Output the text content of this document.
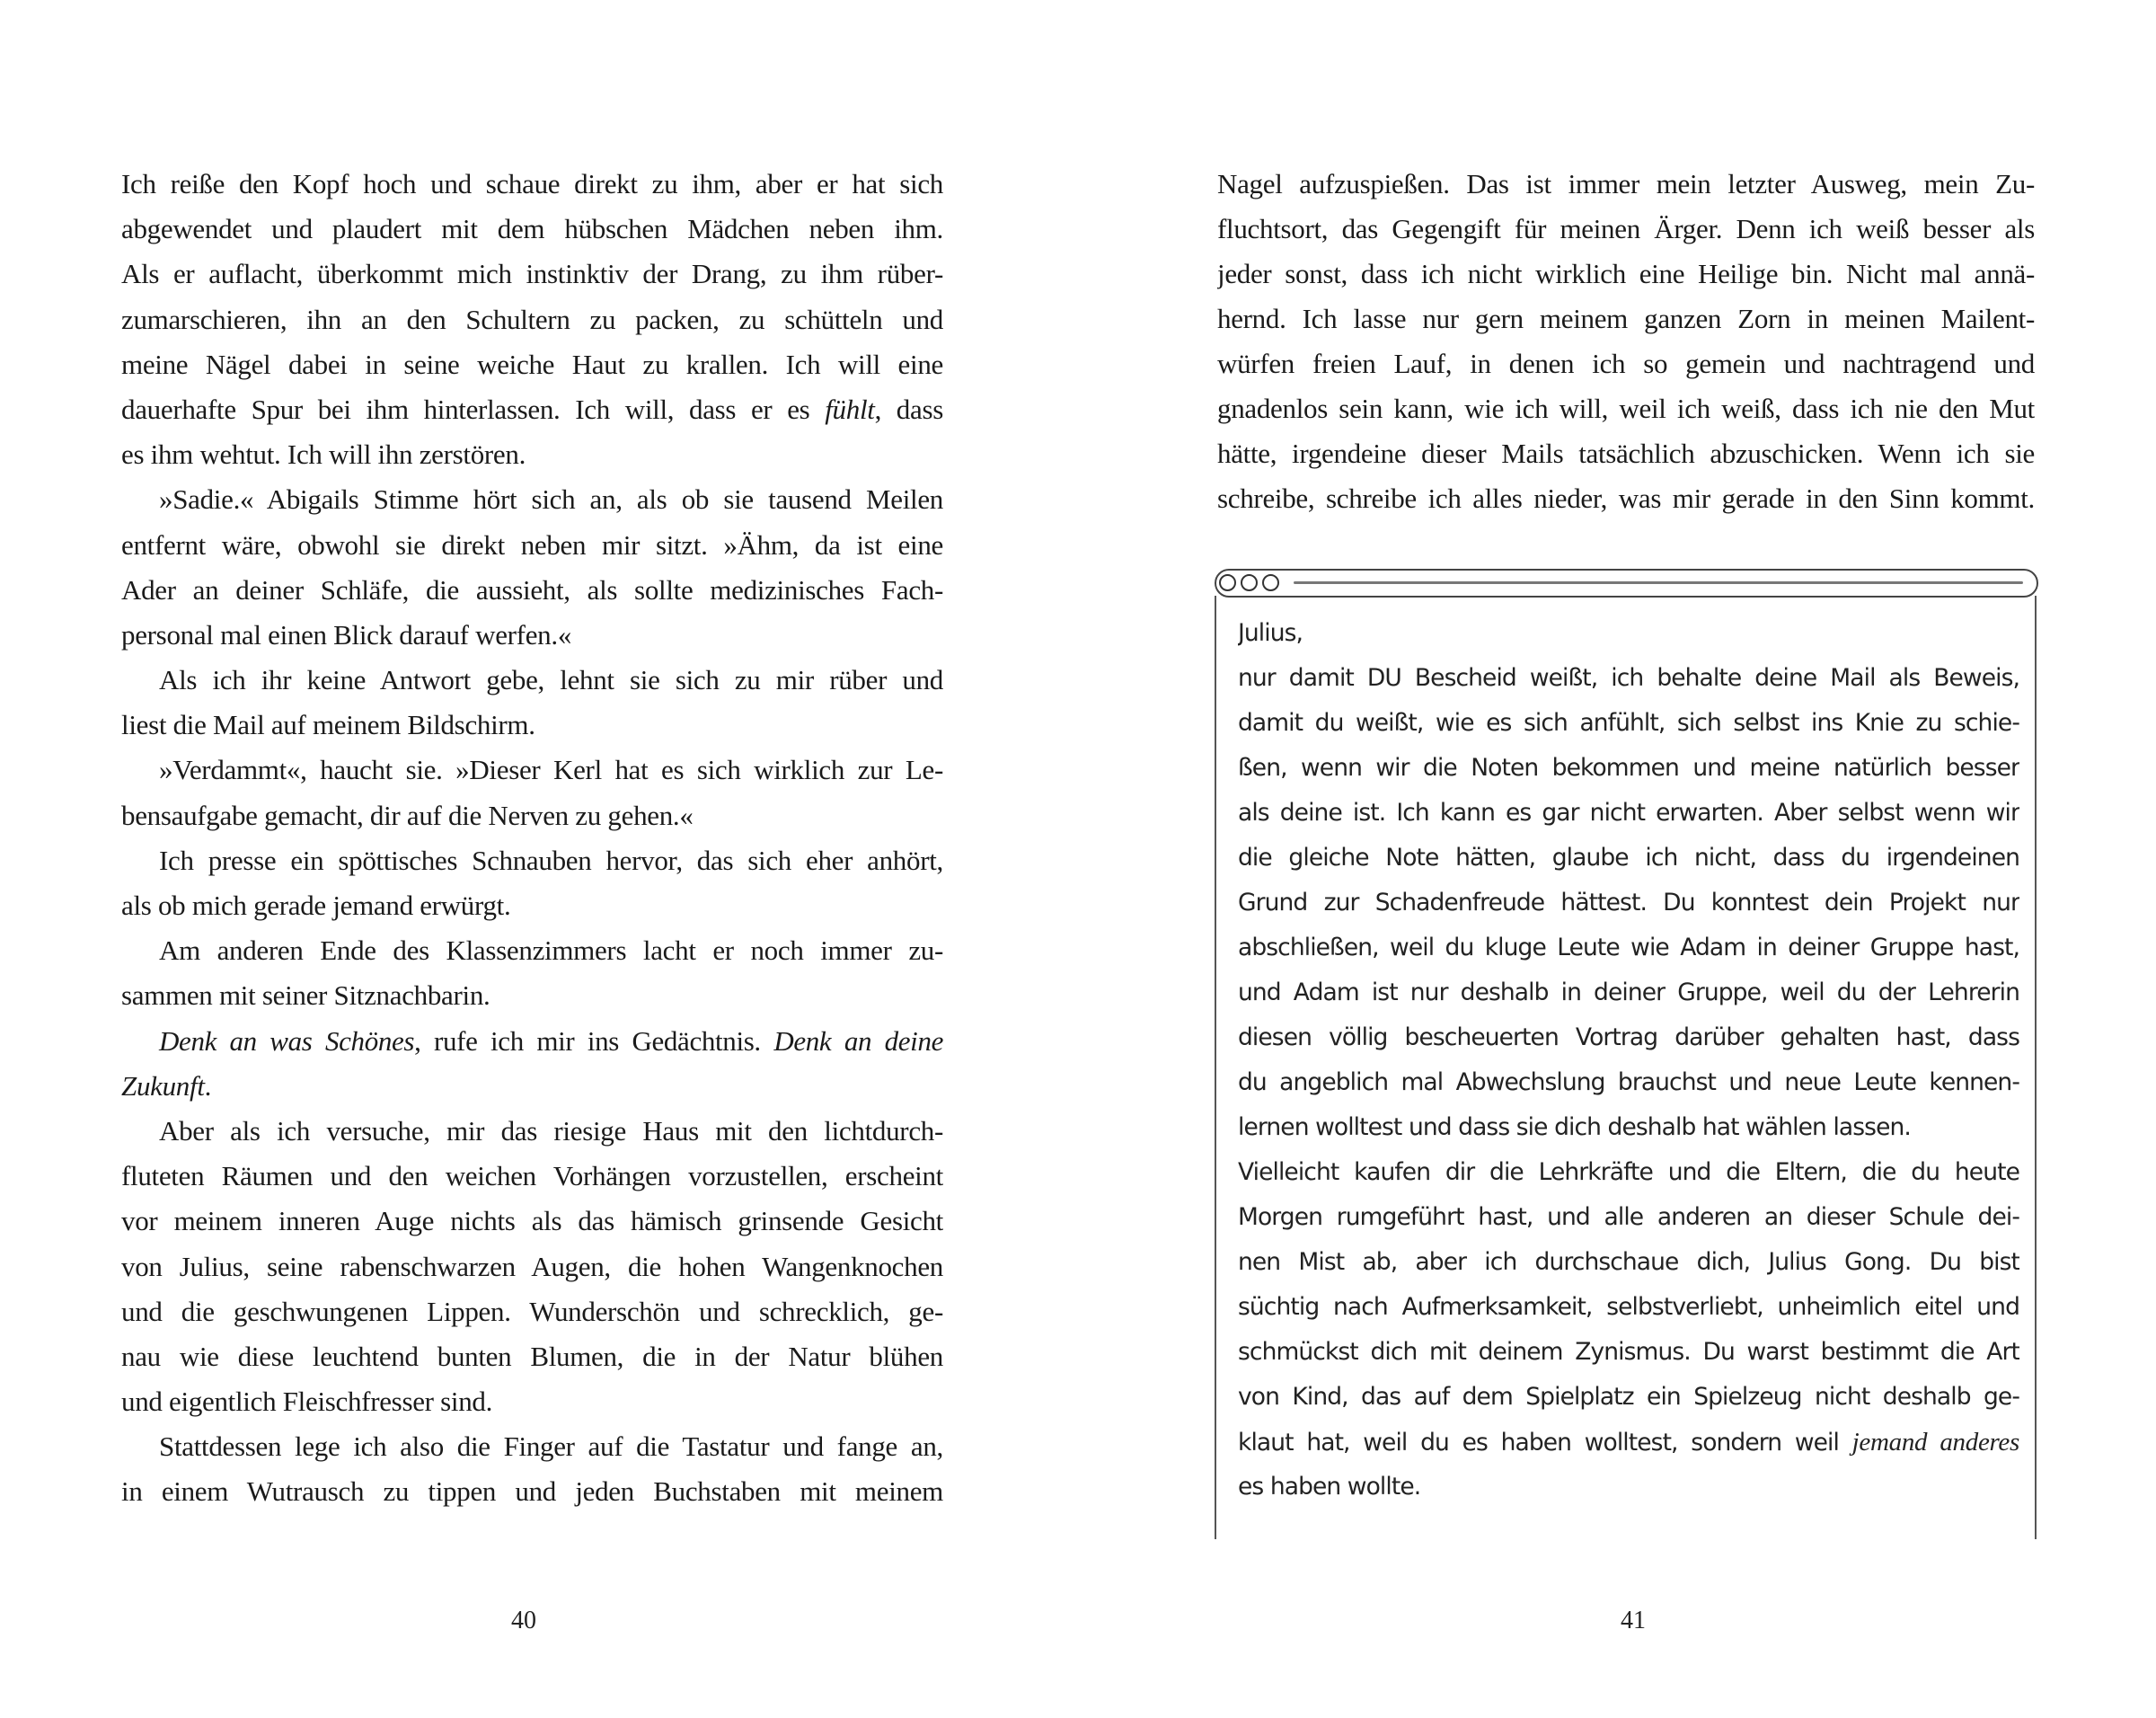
Ich reiße den Kopf hoch und schaue direkt zu ihm, aber er hat sich
abgewendet und plaudert mit dem hübschen Mädchen neben ihm.
Als er auflacht, überkommt mich instinktiv der Drang, zu ihm rüber-
zumarschieren, ihn an den Schultern zu packen, zu schütteln und
meine Nägel dabei in seine weiche Haut zu krallen. Ich will eine
dauerhafte Spur bei ihm hinterlassen. Ich will, dass er es fühlt, dass
es ihm wehtut. Ich will ihn zerstören.
»Sadie.« Abigails Stimme hört sich an, als ob sie tausend Meilen
entfernt wäre, obwohl sie direkt neben mir sitzt. »Ähm, da ist eine
Ader an deiner Schläfe, die aussieht, als sollte medizinisches Fach-
personal mal einen Blick darauf werfen.«
Als ich ihr keine Antwort gebe, lehnt sie sich zu mir rüber und
liest die Mail auf meinem Bildschirm.
»Verdammt«, haucht sie. »Dieser Kerl hat es sich wirklich zur Le-
bensaufgabe gemacht, dir auf die Nerven zu gehen.«
Ich presse ein spöttisches Schnauben hervor, das sich eher anhört,
als ob mich gerade jemand erwürgt.
Am anderen Ende des Klassenzimmers lacht er noch immer zu-
sammen mit seiner Sitznachbarin.
Denk an was Schönes, rufe ich mir ins Gedächtnis. Denk an deine
Zukunft.
Aber als ich versuche, mir das riesige Haus mit den lichtdurch-
fluteten Räumen und den weichen Vorhängen vorzustellen, erscheint
vor meinem inneren Auge nichts als das hämisch grinsende Gesicht
von Julius, seine rabenschwarzen Augen, die hohen Wangenknochen
und die geschwungenen Lippen. Wunderschön und schrecklich, ge-
nau wie diese leuchtend bunten Blumen, die in der Natur blühen
und eigentlich Fleischfresser sind.
Stattdessen lege ich also die Finger auf die Tastatur und fange an,
in einem Wutrausch zu tippen und jeden Buchstaben mit meinem
40
Nagel aufzuspießen. Das ist immer mein letzter Ausweg, mein Zu-
fluchtsort, das Gegengift für meinen Ärger. Denn ich weiß besser als
jeder sonst, dass ich nicht wirklich eine Heilige bin. Nicht mal annä-
hernd. Ich lasse nur gern meinem ganzen Zorn in meinen Mailent-
würfen freien Lauf, in denen ich so gemein und nachtragend und
gnadenlos sein kann, wie ich will, weil ich weiß, dass ich nie den Mut
hätte, irgendeine dieser Mails tatsächlich abzuschicken. Wenn ich sie
schreibe, schreibe ich alles nieder, was mir gerade in den Sinn kommt.
Julius,
nur damit DU Bescheid weißt, ich behalte deine Mail als Beweis,
damit du weißt, wie es sich anfühlt, sich selbst ins Knie zu schie-
ßen, wenn wir die Noten bekommen und meine natürlich besser
als deine ist. Ich kann es gar nicht erwarten. Aber selbst wenn wir
die gleiche Note hätten, glaube ich nicht, dass du irgendeinen
Grund zur Schadenfreude hättest. Du konntest dein Projekt nur
abschließen, weil du kluge Leute wie Adam in deiner Gruppe hast,
und Adam ist nur deshalb in deiner Gruppe, weil du der Lehrerin
diesen völlig bescheuerten Vortrag darüber gehalten hast, dass
du angeblich mal Abwechslung brauchst und neue Leute kennen-
lernen wolltest und dass sie dich deshalb hat wählen lassen.
Vielleicht kaufen dir die Lehrkräfte und die Eltern, die du heute
Morgen rumgeführt hast, und alle anderen an dieser Schule dei-
nen Mist ab, aber ich durchschaue dich, Julius Gong. Du bist
süchtig nach Aufmerksamkeit, selbstverliebt, unheimlich eitel und
schmückst dich mit deinem Zynismus. Du warst bestimmt die Art
von Kind, das auf dem Spielplatz ein Spielzeug nicht deshalb ge-
klaut hat, weil du es haben wolltest, sondern weil jemand anderes
es haben wollte.
41
